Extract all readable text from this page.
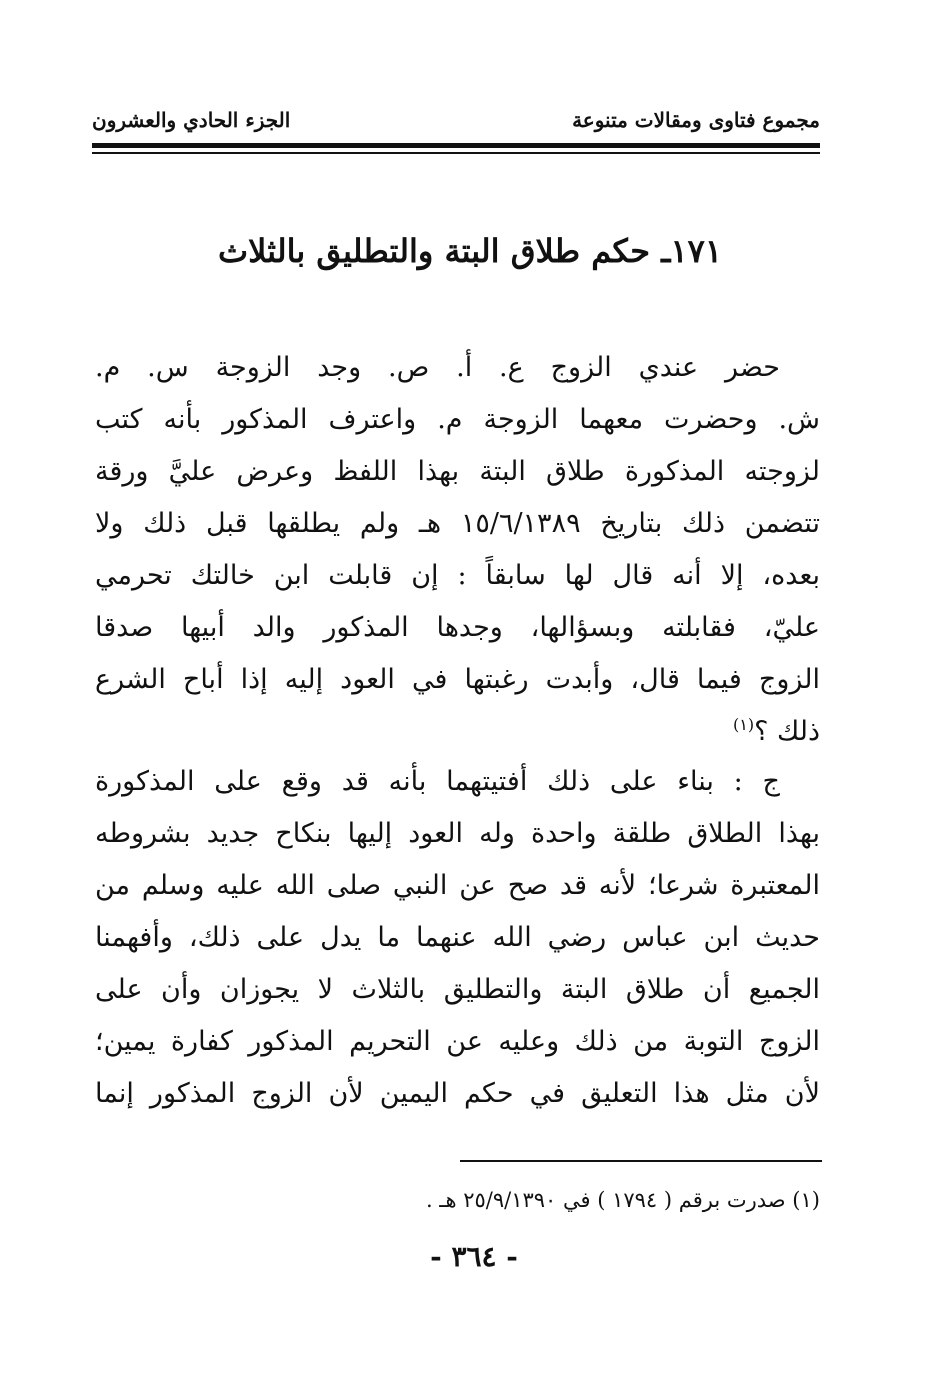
مجموع فتاوى ومقالات متنوعة
الجزء الحادي والعشرون
١٧١ـ حكم طلاق البتة والتطليق بالثلاث
حضر عندي الزوج ع. أ. ص. وجد الزوجة س. م.
ش. وحضرت معهما الزوجة م. واعترف المذكور بأنه كتب
لزوجته المذكورة طلاق البتة بهذا اللفظ وعرض عليَّ ورقة
تتضمن ذلك بتاريخ ١٥/٦/١٣٨٩ هـ ولم يطلقها قبل ذلك ولا
بعده، إلا أنه قال لها سابقاً : إن قابلت ابن خالتك تحرمي
عليّ، فقابلته وبسؤالها، وجدها المذكور والد أبيها صدقا
الزوج فيما قال، وأبدت رغبتها في العود إليه إذا أباح الشرع
ذلك ؟$^{(١)}$
ج : بناء على ذلك أفتيتهما بأنه قد وقع على المذكورة
بهذا الطلاق طلقة واحدة وله العود إليها بنكاح جديد بشروطه
المعتبرة شرعا؛ لأنه قد صح عن النبي صلى الله عليه وسلم من
حديث ابن عباس رضي الله عنهما ما يدل على ذلك، وأفهمنا
الجميع أن طلاق البتة والتطليق بالثلاث لا يجوزان وأن على
الزوج التوبة من ذلك وعليه عن التحريم المذكور كفارة يمين؛
لأن مثل هذا التعليق في حكم اليمين لأن الزوج المذكور إنما
(١) صدرت برقم ( ١٧٩٤ ) في ٢٥/٩/١٣٩٠ هـ .
- ٣٦٤ -
